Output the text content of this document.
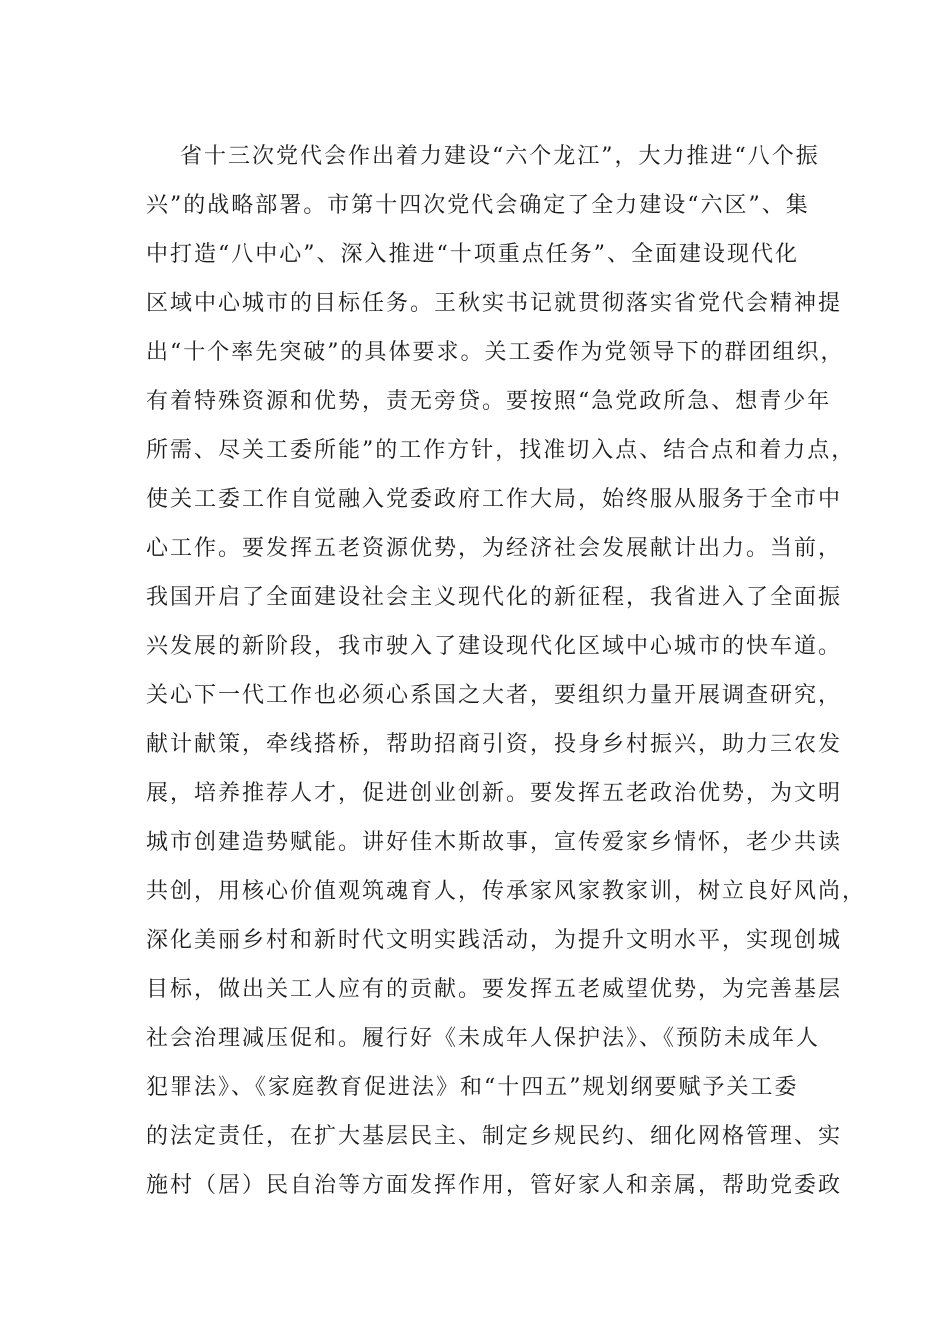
省十三次党代会作出着力建设“六个龙江”，大力推进“八个振
兴”的战略部署。市第十四次党代会确定了全力建设“六区”、集
中打造“八中心”、深入推进“十项重点任务”、全面建设现代化
区域中心城市的目标任务。王秋实书记就贯彻落实省党代会精神提
出“十个率先突破”的具体要求。关工委作为党领导下的群团组织，
有着特殊资源和优势，责无旁贷。要按照“急党政所急、想青少年
所需、尽关工委所能”的工作方针，找准切入点、结合点和着力点，
使关工委工作自觉融入党委政府工作大局，始终服从服务于全市中
心工作。要发挥五老资源优势，为经济社会发展献计出力。当前，
我国开启了全面建设社会主义现代化的新征程，我省进入了全面振
兴发展的新阶段，我市驶入了建设现代化区域中心城市的快车道。
关心下一代工作也必须心系国之大者，要组织力量开展调查研究，
献计献策，牵线搭桥，帮助招商引资，投身乡村振兴，助力三农发
展，培养推荐人才，促进创业创新。要发挥五老政治优势，为文明
城市创建造势赋能。讲好佳木斯故事，宣传爱家乡情怀，老少共读
共创，用核心价值观筑魂育人，传承家风家教家训，树立良好风尚，
深化美丽乡村和新时代文明实践活动，为提升文明水平，实现创城
目标，做出关工人应有的贡献。要发挥五老威望优势，为完善基层
社会治理减压促和。履行好《未成年人保护法》、《预防未成年人
犯罪法》、《家庭教育促进法》和“十四五”规划纲要赋予关工委
的法定责任，在扩大基层民主、制定乡规民约、细化网格管理、实
施村（居）民自治等方面发挥作用，管好家人和亲属，帮助党委政
